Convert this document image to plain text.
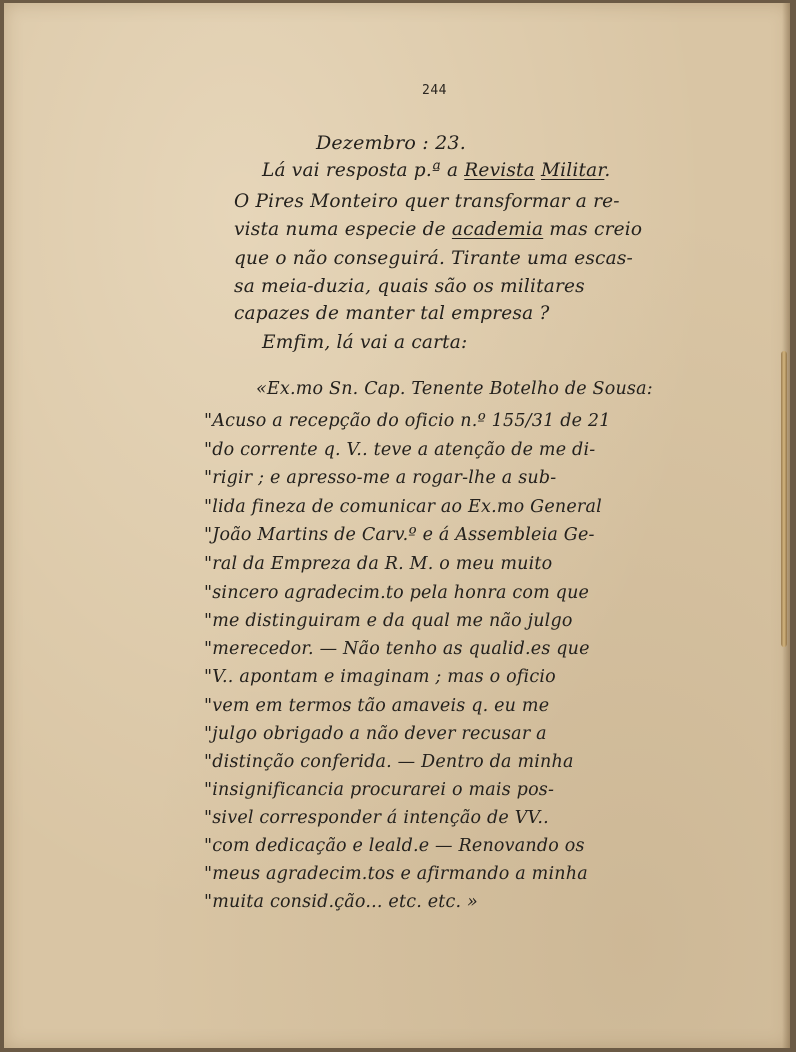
244

Dezembro : 23.

Lá vai resposta p.ª a Revista Militar.

O Pires Monteiro quer transformar a re-

vista numa especie de academia mas creio

que o não conseguirá. Tirante uma escas-

sa meia-duzia, quais são os militares

capazes de manter tal empresa ?

Emfim, lá vai a carta:

«Ex.mo Sn. Cap. Tenente Botelho de Sousa:
"Acuso a recepção do oficio n.º 155/31 de 21
"do corrente q. V.. teve a atenção de me di-
"rigir ; e apresso-me a rogar-lhe a sub-
"lida fineza de comunicar ao Ex.mo General
"João Martins de Carv.º e á Assembleia Ge-
"ral da Empreza da R. M. o meu muito
"sincero agradecim.to pela honra com que
"me distinguiram e da qual me não julgo
"merecedor. — Não tenho as qualid.es que
"V.. apontam e imaginam ; mas o oficio
"vem em termos tão amaveis q. eu me
"julgo obrigado a não dever recusar a
"distinção conferida. — Dentro da minha
"insignificancia procurarei o mais pos-
"sivel corresponder á intenção de VV..
"com dedicação e leald.e — Renovando os
"meus agradecim.tos e afirmando a minha
"muita consid.ção... etc. etc. »
